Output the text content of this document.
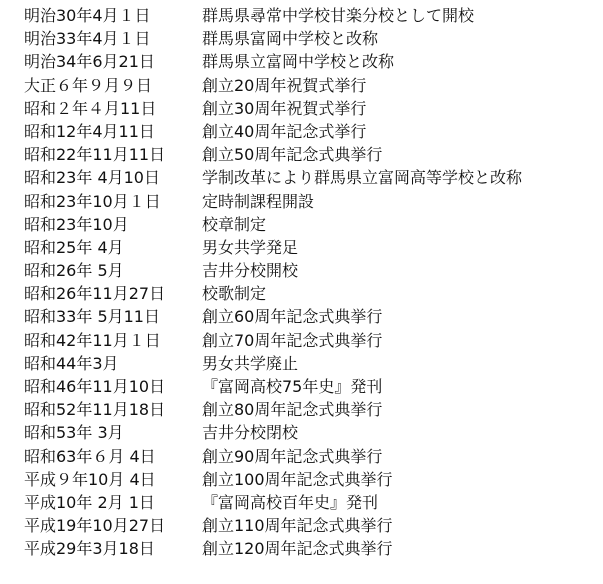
明治30年4月１日	群馬県尋常中学校甘楽分校として開校
明治33年4月１日	群馬県富岡中学校と改称
明治34年6月21日	群馬県立富岡中学校と改称
大正６年９月９日	創立20周年祝賀式挙行
昭和２年４月11日	創立30周年祝賀式挙行
昭和12年4月11日	創立40周年記念式挙行
昭和22年11月11日 創立50周年記念式典挙行
昭和23年 4月10日	学制改革により群馬県立富岡高等学校と改称
昭和23年10月１日	定時制課程開設
昭和23年10月	校章制定
昭和25年 4月	男女共学発足
昭和26年 5月	吉井分校開校
昭和26年11月27日 校歌制定
昭和33年 5月11日	創立60周年記念式典挙行
昭和42年11月１日	創立70周年記念式典挙行
昭和44年3月	男女共学廃止
昭和46年11月10日 『富岡高校75年史』発刊
昭和52年11月18日 創立80周年記念式典挙行
昭和53年 3月	吉井分校閉校
昭和63年６月 4日	創立90周年記念式典挙行
平成９年10月 4日	創立100周年記念式典挙行
平成10年 2月 1日	『富岡高校百年史』発刊
平成19年10月27日 創立110周年記念式典挙行
平成29年3月18日	創立120周年記念式典挙行
